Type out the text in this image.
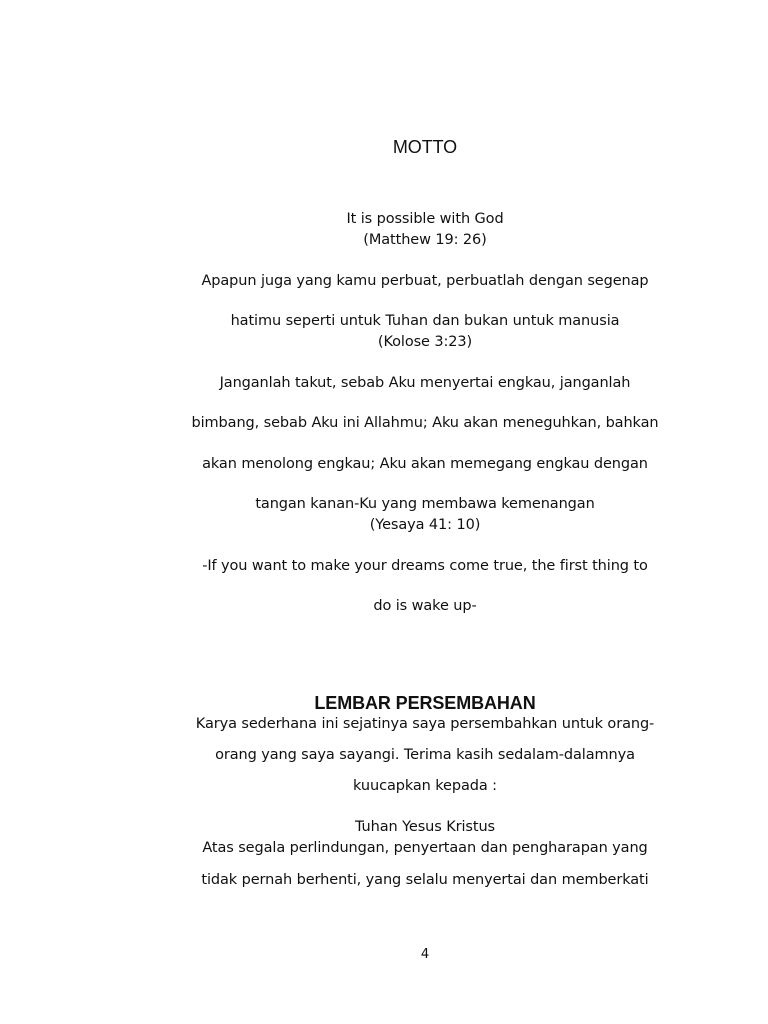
MOTTO
It is possible with God
(Matthew 19: 26)
Apapun juga yang kamu perbuat, perbuatlah dengan segenap
hatimu seperti untuk Tuhan dan bukan untuk manusia
(Kolose 3:23)
Janganlah takut, sebab Aku menyertai engkau, janganlah
bimbang, sebab Aku ini Allahmu; Aku akan meneguhkan, bahkan
akan menolong engkau; Aku akan memegang engkau dengan
tangan kanan-Ku yang membawa kemenangan
(Yesaya 41: 10)
-If you want to make your dreams come true, the first thing to
do is wake up-
LEMBAR PERSEMBAHAN
Karya sederhana ini sejatinya saya persembahkan untuk orang-
orang yang saya sayangi. Terima kasih sedalam-dalamnya
kuucapkan kepada :
Tuhan Yesus Kristus
Atas segala perlindungan, penyertaan dan pengharapan yang
tidak pernah berhenti, yang selalu menyertai dan memberkati
4
